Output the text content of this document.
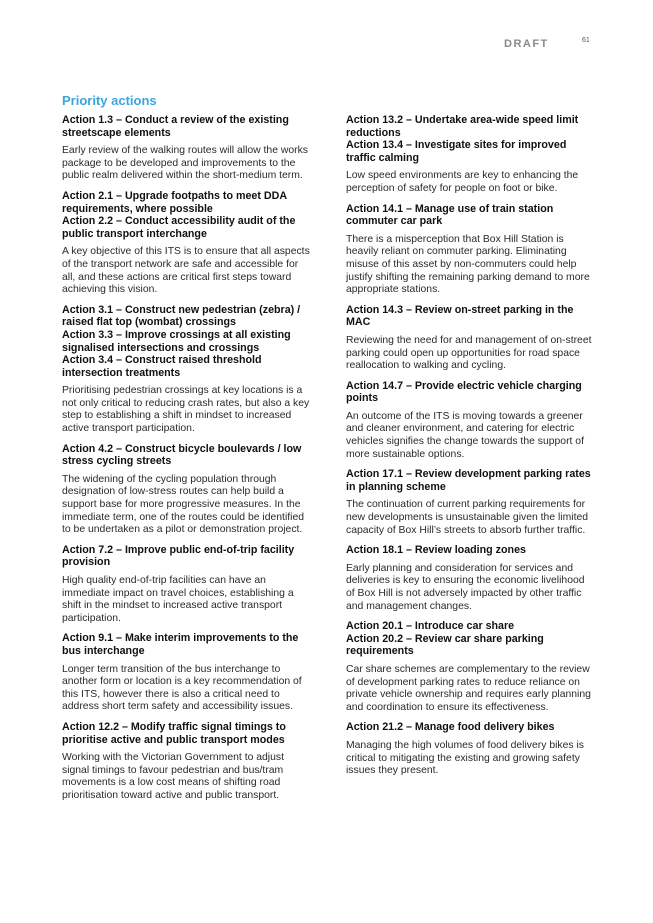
DRAFT	61
Priority actions
Action 1.3 – Conduct a review of the existing streetscape elements
Early review of the walking routes will allow the works package to be developed and improvements to the public realm delivered within the short-medium term.
Action 2.1 – Upgrade footpaths to meet DDA requirements, where possible
Action 2.2 – Conduct accessibility audit of the public transport interchange
A key objective of this ITS is to ensure that all aspects of the transport network are safe and accessible for all, and these actions are critical first steps toward achieving this vision.
Action 3.1 – Construct new pedestrian (zebra) / raised flat top (wombat) crossings
Action 3.3 – Improve crossings at all existing signalised intersections and crossings
Action 3.4 – Construct raised threshold intersection treatments
Prioritising pedestrian crossings at key locations is a not only critical to reducing crash rates, but also a key step to establishing a shift in mindset to increased active transport participation.
Action 4.2 – Construct bicycle boulevards / low stress cycling streets
The widening of the cycling population through designation of low-stress routes can help build a support base for more progressive measures. In the immediate term, one of the routes could be identified to be undertaken as a pilot or demonstration project.
Action 7.2 – Improve public end-of-trip facility provision
High quality end-of-trip facilities can have an immediate impact on travel choices, establishing a shift in the mindset to increased active transport participation.
Action 9.1 – Make interim improvements to the bus interchange
Longer term transition of the bus interchange to another form or location is a key recommendation of this ITS, however there is also a critical need to address short term safety and accessibility issues.
Action 12.2 – Modify traffic signal timings to prioritise active and public transport modes
Working with the Victorian Government to adjust signal timings to favour pedestrian and bus/tram movements is a low cost means of shifting road prioritisation toward active and public transport.
Action 13.2 – Undertake area-wide speed limit reductions
Action 13.4 – Investigate sites for improved traffic calming
Low speed environments are key to enhancing the perception of safety for people on foot or bike.
Action 14.1 – Manage use of train station commuter car park
There is a misperception that Box Hill Station is heavily reliant on commuter parking. Eliminating misuse of this asset by non-commuters could help justify shifting the remaining parking demand to more appropriate stations.
Action 14.3 – Review on-street parking in the MAC
Reviewing the need for and management of on-street parking could open up opportunities for road space reallocation to walking and cycling.
Action 14.7 – Provide electric vehicle charging points
An outcome of the ITS is moving towards a greener and cleaner environment, and catering for electric vehicles signifies the change towards the support of more sustainable options.
Action 17.1 – Review development parking rates in planning scheme
The continuation of current parking requirements for new developments is unsustainable given the limited capacity of Box Hill’s streets to absorb further traffic.
Action 18.1 – Review loading zones
Early planning and consideration for services and deliveries is key to ensuring the economic livelihood of Box Hill is not adversely impacted by other traffic and management changes.
Action 20.1 – Introduce car share
Action 20.2 – Review car share parking requirements
Car share schemes are complementary to the review of development parking rates to reduce reliance on private vehicle ownership and requires early planning and coordination to ensure its effectiveness.
Action 21.2 – Manage food delivery bikes
Managing the high volumes of food delivery bikes is critical to mitigating the existing and growing safety issues they present.
